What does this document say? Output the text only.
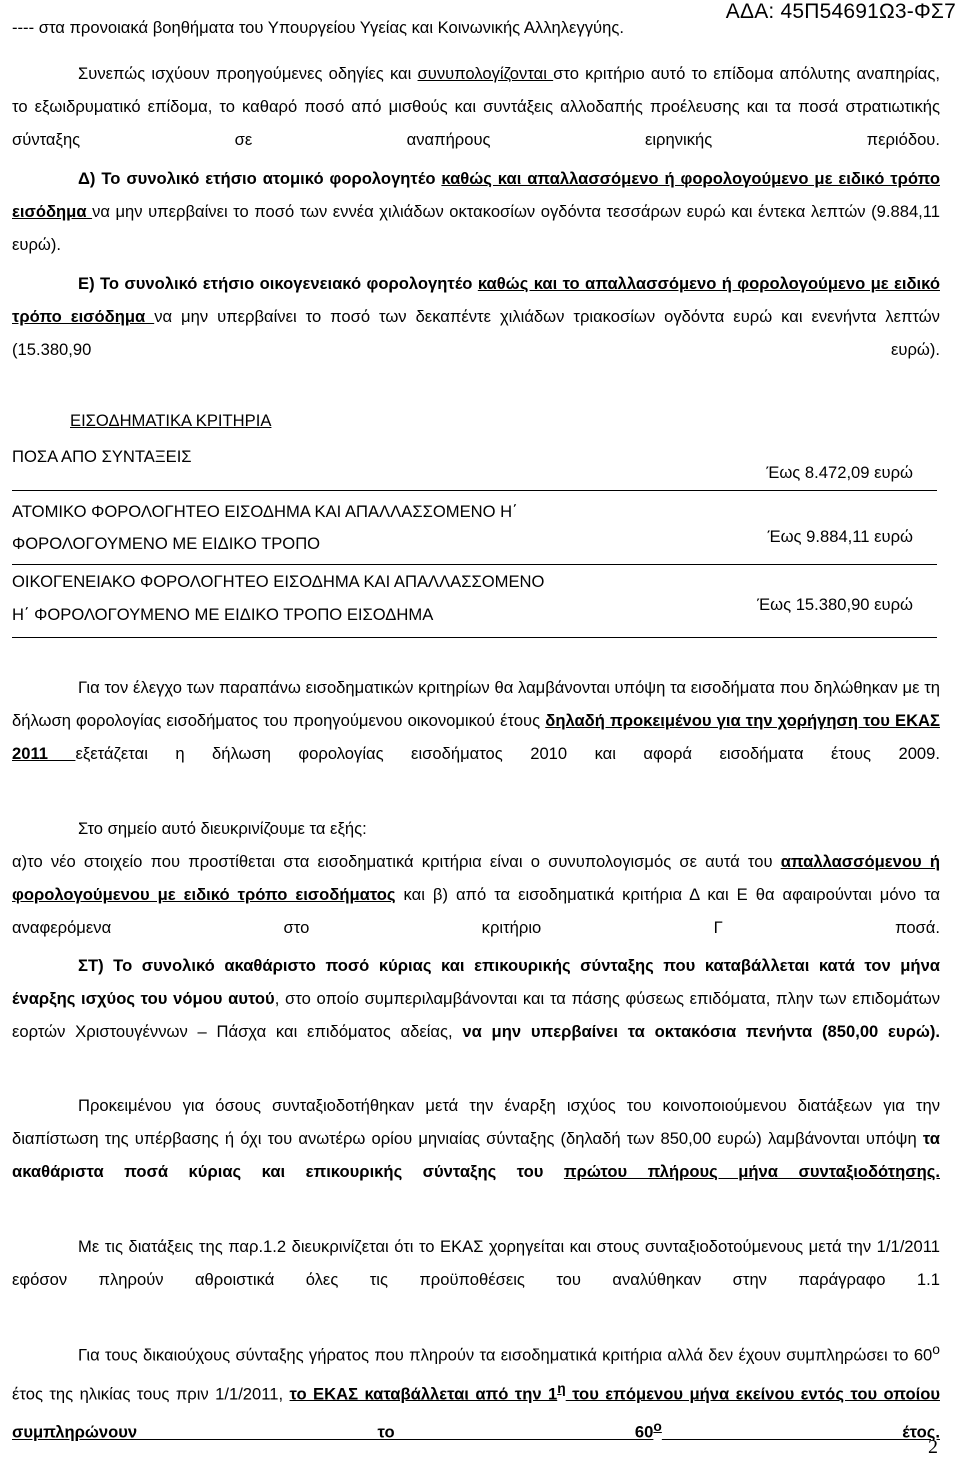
ΑΔΑ: 45Π54691Ω3-ΦΣ7

---- στα προνοιακά βοηθήματα του Υπουργείου Υγείας και Κοινωνικής Αλληλεγγύης.

Συνεπώς ισχύουν προηγούμενες οδηγίες και συνυπολογίζονται στο κριτήριο αυτό το επίδομα απόλυτης αναπηρίας, το εξωιδρυματικό επίδομα, το καθαρό ποσό από μισθούς και συντάξεις αλλοδαπής προέλευσης και τα ποσά στρατιωτικής σύνταξης σε αναπήρους ειρηνικής περιόδου.

Δ) Το συνολικό ετήσιο ατομικό φορολογητέο καθώς και απαλλασσόμενο ή φορολογούμενο με ειδικό τρόπο εισόδημα να μην υπερβαίνει το ποσό των εννέα χιλιάδων οκτακοσίων ογδόντα τεσσάρων ευρώ και έντεκα λεπτών (9.884,11 ευρώ).

Ε) Το συνολικό ετήσιο οικογενειακό φορολογητέο καθώς και το απαλλασσόμενο ή φορολογούμενο με ειδικό τρόπο εισόδημα να μην υπερβαίνει το ποσό των δεκαπέντε χιλιάδων τριακοσίων ογδόντα ευρώ και ενενήντα λεπτών (15.380,90 ευρώ).

ΕΙΣΟΔΗΜΑΤΙΚΑ ΚΡΙΤΗΡΙΑ

ΠΟΣΑ ΑΠΟ ΣΥΝΤΑΞΕΙΣ
Έως 8.472,09 ευρώ
ΑΤΟΜΙΚΟ ΦΟΡΟΛΟΓΗΤΕΟ ΕΙΣΟΔΗΜΑ ΚΑΙ ΑΠΑΛΛΑΣΣΟΜΕΝΟ Η΄
ΦΟΡΟΛΟΓΟΥΜΕΝΟ ΜΕ ΕΙΔΙΚΟ ΤΡΟΠΟ	Έως 9.884,11 ευρώ
ΟΙΚΟΓΕΝΕΙΑΚΟ ΦΟΡΟΛΟΓΗΤΕΟ ΕΙΣΟΔΗΜΑ ΚΑΙ ΑΠΑΛΛΑΣΣΟΜΕΝΟ
Η΄ ΦΟΡΟΛΟΓΟΥΜΕΝΟ ΜΕ ΕΙΔΙΚΟ ΤΡΟΠΟ ΕΙΣΟΔΗΜΑ
Έως 15.380,90 ευρώ

Για τον έλεγχο των παραπάνω εισοδηματικών κριτηρίων θα λαμβάνονται υπόψη τα εισοδήματα που δηλώθηκαν με τη δήλωση φορολογίας εισοδήματος του προηγούμενου οικονομικού έτους δηλαδή προκειμένου για την χορήγηση του ΕΚΑΣ 2011 εξετάζεται η δήλωση φορολογίας εισοδήματος 2010 και αφορά εισοδήματα έτους 2009.

Στο σημείο αυτό διευκρινίζουμε τα εξής:

α)το νέο στοιχείο που προστίθεται στα εισοδηματικά κριτήρια είναι ο συνυπολογισμός σε αυτά του απαλλασσόμενου ή φορολογούμενου με ειδικό τρόπο εισοδήματος και β) από τα εισοδηματικά κριτήρια Δ και Ε θα αφαιρούνται μόνο τα αναφερόμενα στο κριτήριο Γ ποσά.

ΣΤ) Το συνολικό ακαθάριστο ποσό κύριας και επικουρικής σύνταξης που καταβάλλεται κατά τον μήνα έναρξης ισχύος του νόμου αυτού, στο οποίο συμπεριλαμβάνονται και τα πάσης φύσεως επιδόματα, πλην των επιδομάτων εορτών Χριστουγέννων – Πάσχα και επιδόματος αδείας, να μην υπερβαίνει τα οκτακόσια πενήντα (850,00 ευρώ).

Προκειμένου για όσους συνταξιοδοτήθηκαν μετά την έναρξη ισχύος του κοινοποιούμενου διατάξεων για την διαπίστωση της υπέρβασης ή όχι του ανωτέρω ορίου μηνιαίας σύνταξης (δηλαδή των 850,00 ευρώ) λαμβάνονται υπόψη τα ακαθάριστα ποσά κύριας και επικουρικής σύνταξης του πρώτου πλήρους μήνα συνταξιοδότησης.

Με τις διατάξεις της παρ.1.2 διευκρινίζεται ότι το ΕΚΑΣ χορηγείται και στους συνταξιοδοτούμενους μετά την 1/1/2011 εφόσον πληρούν αθροιστικά όλες τις προϋποθέσεις του αναλύθηκαν στην παράγραφο 1.1

Για τους δικαιούχους σύνταξης γήρατος που πληρούν τα εισοδηματικά κριτήρια αλλά δεν έχουν συμπληρώσει το $60^o$ έτος της ηλικίας τους πριν 1/1/2011, το ΕΚΑΣ καταβάλλεται από την $1^\eta$ του επόμενου μήνα εκείνου εντός του οποίου συμπληρώνουν το $60^o$ έτος.

2
